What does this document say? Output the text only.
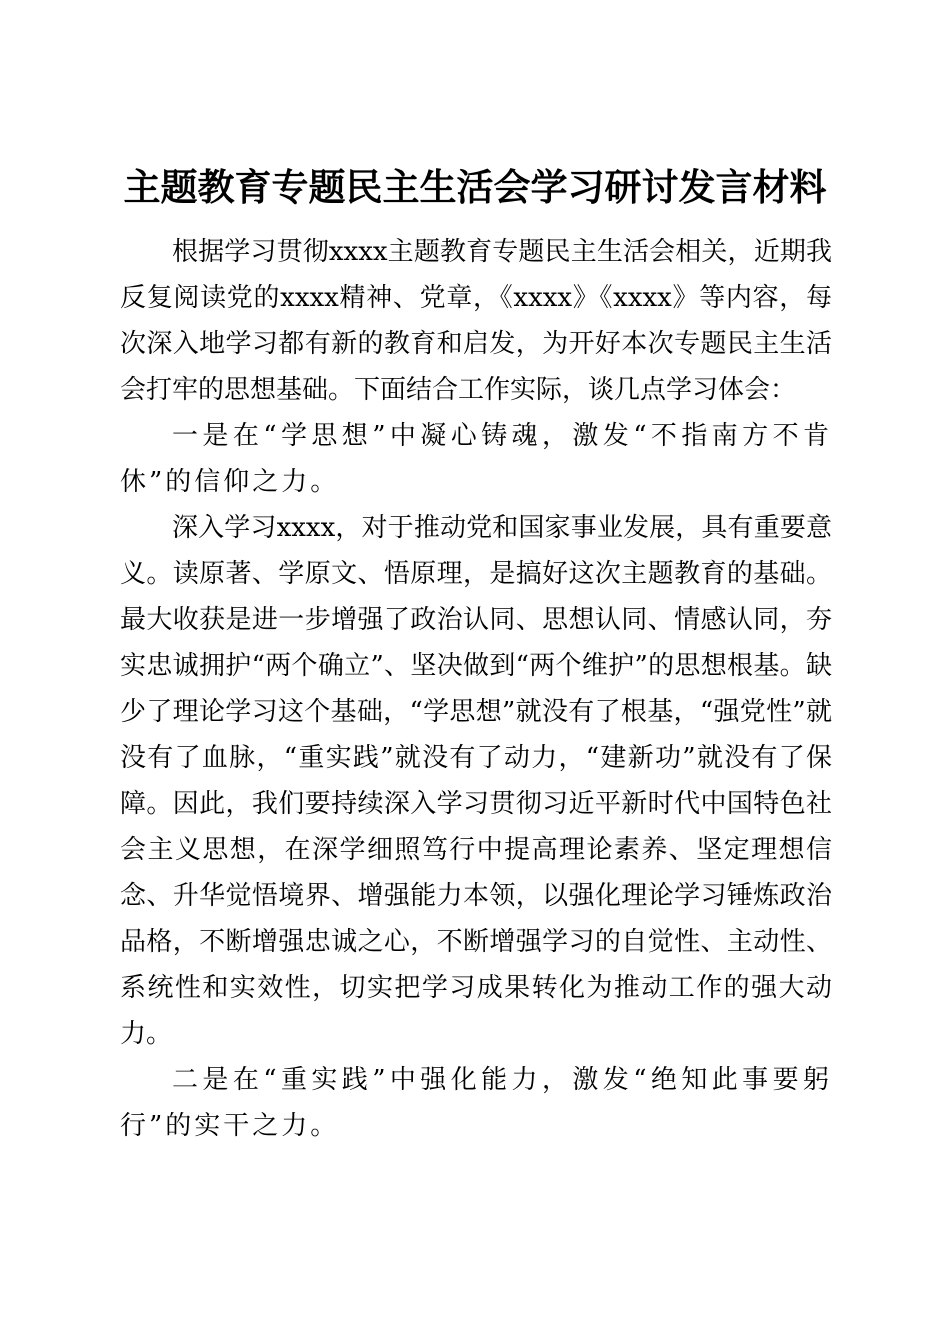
主题教育专题民主生活会学习研讨发言材料

根据学习贯彻xxxx主题教育专题民主生活会相关，近期我反复阅读党的xxxx精神、党章，《xxxx》《xxxx》等内容，每次深入地学习都有新的教育和启发，为开好本次专题民主生活会打牢的思想基础。下面结合工作实际，谈几点学习体会：

一是在“学思想”中凝心铸魂，激发“不指南方不肯休”的信仰之力。

深入学习xxxx，对于推动党和国家事业发展，具有重要意义。读原著、学原文、悟原理，是搞好这次主题教育的基础。最大收获是进一步增强了政治认同、思想认同、情感认同，夯实忠诚拥护“两个确立”、坚决做到“两个维护”的思想根基。缺少了理论学习这个基础，“学思想”就没有了根基，“强党性”就没有了血脉，“重实践”就没有了动力，“建新功”就没有了保障。因此，我们要持续深入学习贯彻习近平新时代中国特色社会主义思想，在深学细照笃行中提高理论素养、坚定理想信念、升华觉悟境界、增强能力本领，以强化理论学习锤炼政治品格，不断增强忠诚之心，不断增强学习的自觉性、主动性、系统性和实效性，切实把学习成果转化为推动工作的强大动力。

二是在“重实践”中强化能力，激发“绝知此事要躬行”的实干之力。
